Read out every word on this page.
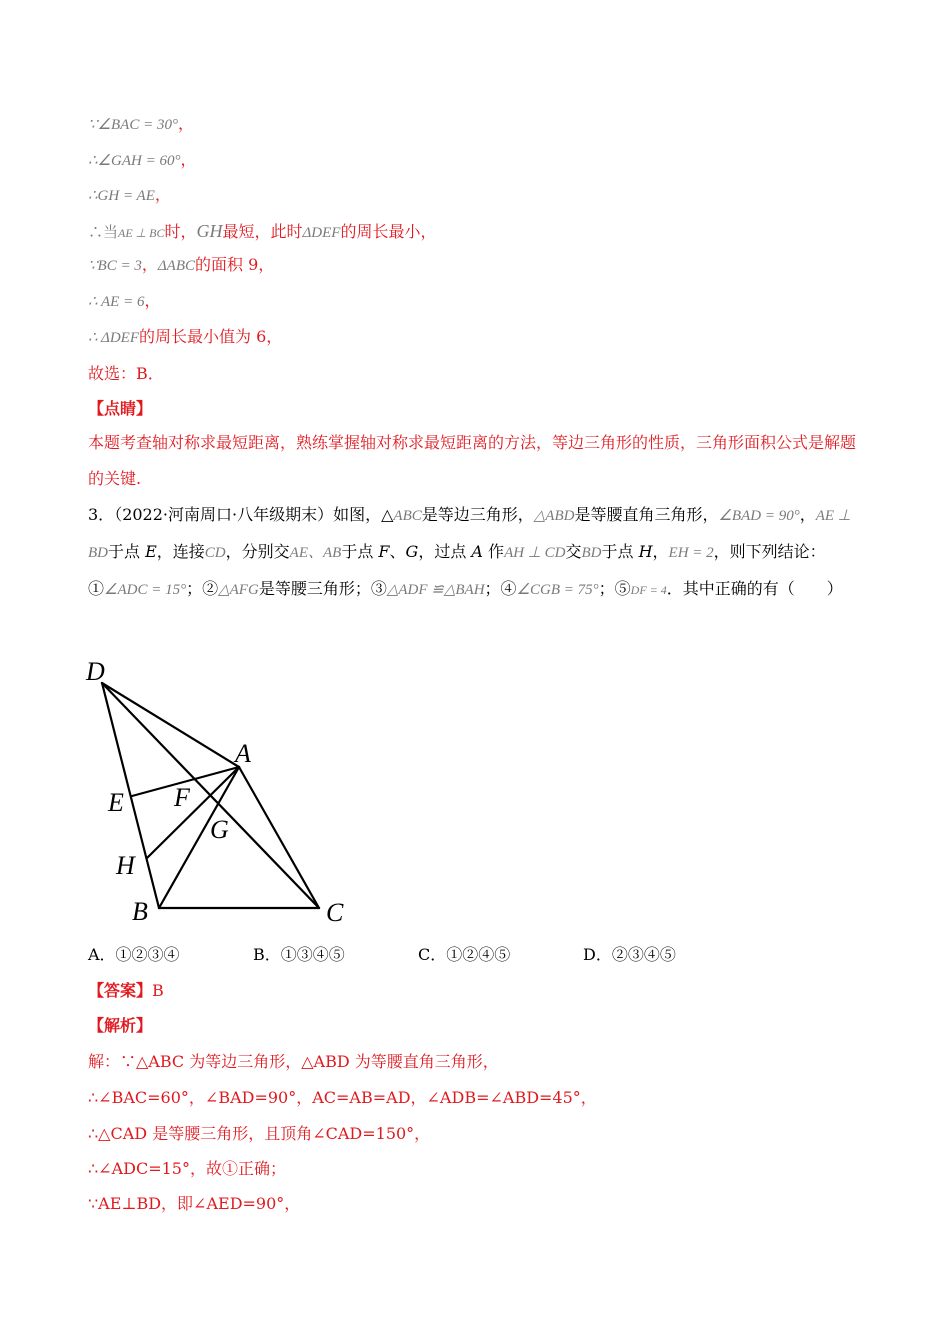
∵∠BAC = 30°，
∴∠GAH = 60°，
∴GH = AE，
∴当AE ⊥ BC时，GH最短，此时ΔDEF的周长最小，
∵BC = 3，ΔABC的面积 9，
∴ AE = 6，
∴ ΔDEF的周长最小值为 6，
故选：B．
【点睛】
本题考查轴对称求最短距离，熟练掌握轴对称求最短距离的方法，等边三角形的性质，三角形面积公式是解题的关键.
3．（2022·河南周口·八年级期末）如图，△ABC是等边三角形，△ABD是等腰直角三角形，∠BAD = 90°，AE ⊥ BD于点 E，连接CD，分别交AE、AB于点 F、G，过点 A 作AH ⊥ CD交BD于点 H，EH = 2，则下列结论：①∠ADC = 15°；②△AFG是等腰三角形；③△ADF ≌△BAH；④∠CGB = 75°；⑤DF = 4．其中正确的有（　　）
D
A
E F
G
H
B	C
A．①②③④	B．①③④⑤	C．①②④⑤	D．②③④⑤
【答案】B
【解析】
解：∵△ABC 为等边三角形，△ABD 为等腰直角三角形，
∴∠BAC=60°，∠BAD=90°，AC=AB=AD，∠ADB=∠ABD=45°，
∴△CAD 是等腰三角形，且顶角∠CAD=150°，
∴∠ADC=15°，故①正确；
∵AE⊥BD，即∠AED=90°，
